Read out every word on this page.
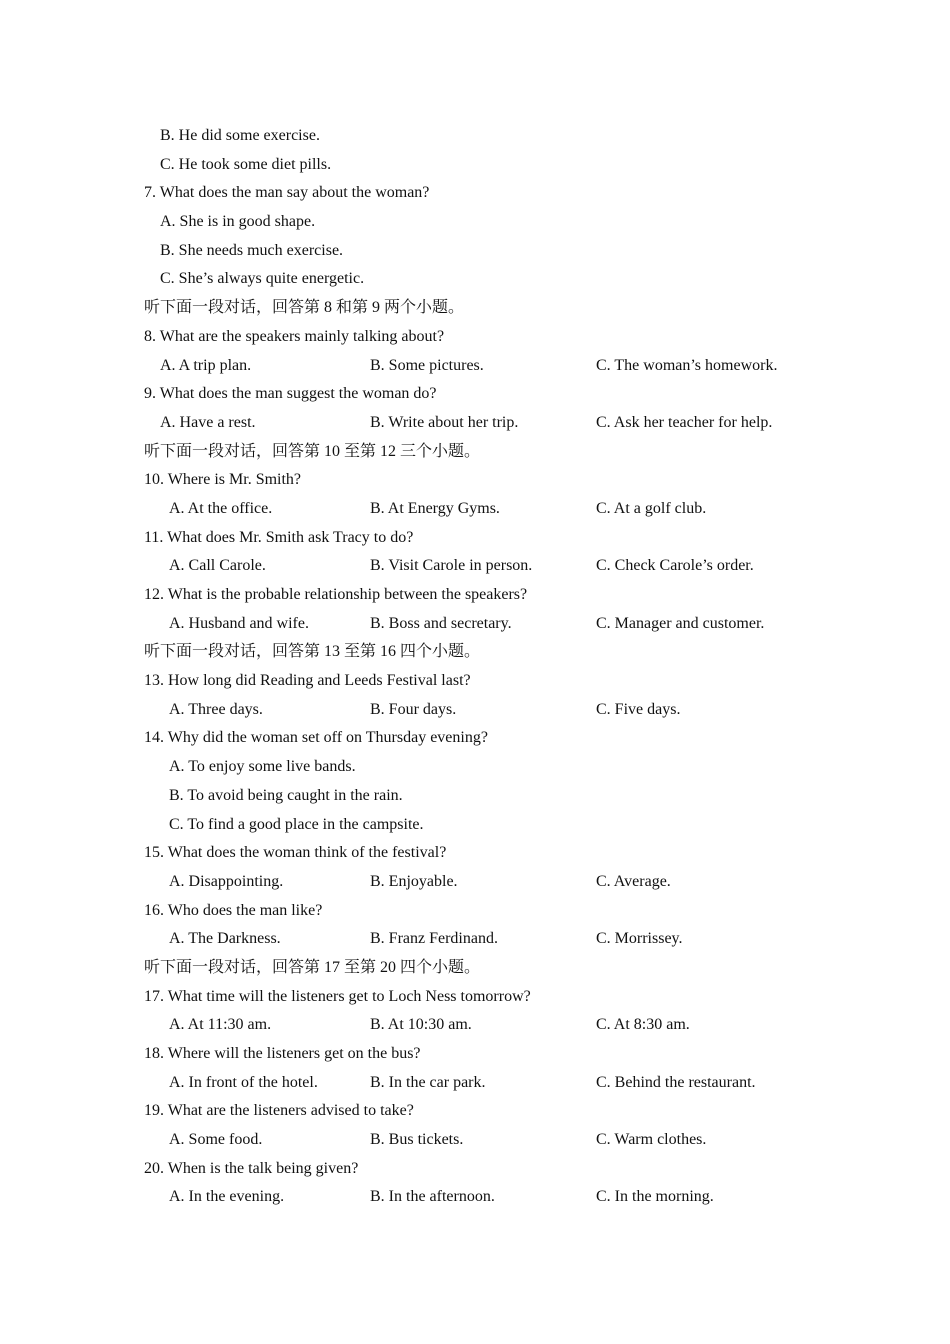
B. He did some exercise.
C. He took some diet pills.
7. What does the man say about the woman?
A. She is in good shape.
B. She needs much exercise.
C. She’s always quite energetic.
听下面一段对话，回答第 8 和第 9 两个小题。
8. What are the speakers mainly talking about?
A. A trip plan.	B. Some pictures.	C. The woman’s homework.
9. What does the man suggest the woman do?
A. Have a rest.	B. Write about her trip.	C. Ask her teacher for help.
听下面一段对话，回答第 10 至第 12 三个小题。
10. Where is Mr. Smith?
A. At the office.	B. At Energy Gyms.	C. At a golf club.
11. What does Mr. Smith ask Tracy to do?
A. Call Carole.	B. Visit Carole in person.	C. Check Carole’s order.
12. What is the probable relationship between the speakers?
A. Husband and wife.	B. Boss and secretary.	C. Manager and customer.
听下面一段对话，回答第 13 至第 16 四个小题。
13. How long did Reading and Leeds Festival last?
A. Three days.	B. Four days.	C. Five days.
14. Why did the woman set off on Thursday evening?
A. To enjoy some live bands.
B. To avoid being caught in the rain.
C. To find a good place in the campsite.
15. What does the woman think of the festival?
A. Disappointing.	B. Enjoyable.	C. Average.
16. Who does the man like?
A. The Darkness.	B. Franz Ferdinand.	C. Morrissey.
听下面一段对话，回答第 17 至第 20 四个小题。
17. What time will the listeners get to Loch Ness tomorrow?
A. At 11:30 am.	B. At 10:30 am.	C. At 8:30 am.
18. Where will the listeners get on the bus?
A. In front of the hotel.	B. In the car park.	C. Behind the restaurant.
19. What are the listeners advised to take?
A. Some food.	B. Bus tickets.	C. Warm clothes.
20. When is the talk being given?
A. In the evening.	B. In the afternoon.	C. In the morning.
